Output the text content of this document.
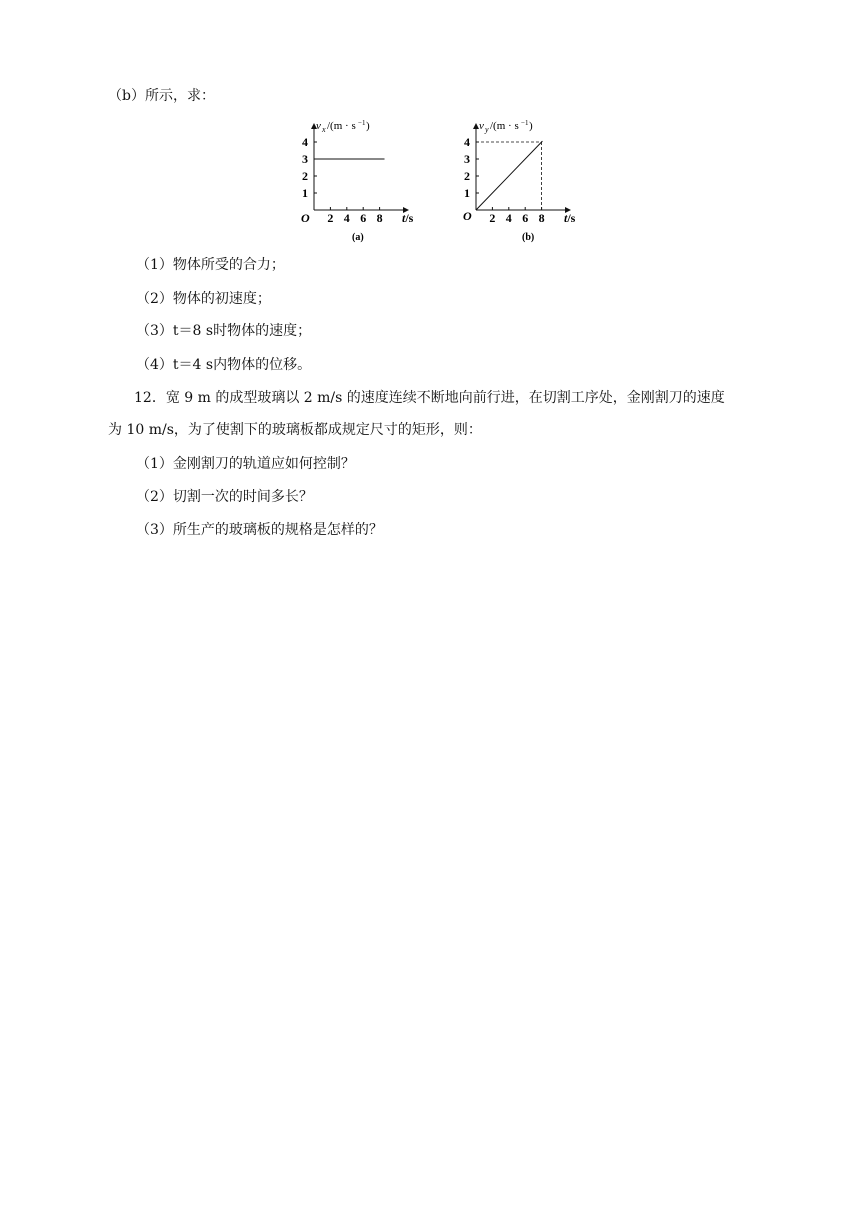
（b）所示，求：
v x /(m · s −1 )
2 4 6 8
1
2
3
4
O	t/s
(a)
v y /(m · s −1 )
2 4 6 8
1
2
3
4
O	t/s
(b)
（1）物体所受的合力；
（2）物体的初速度；
（3）t＝8 s时物体的速度；
（4）t＝4 s内物体的位移。
12．宽 9 m 的成型玻璃以 2 m/s 的速度连续不断地向前行进，在切割工序处，金刚割刀的速度
为 10 m/s，为了使割下的玻璃板都成规定尺寸的矩形，则：
（1）金刚割刀的轨道应如何控制？
（2）切割一次的时间多长？
（3）所生产的玻璃板的规格是怎样的？
